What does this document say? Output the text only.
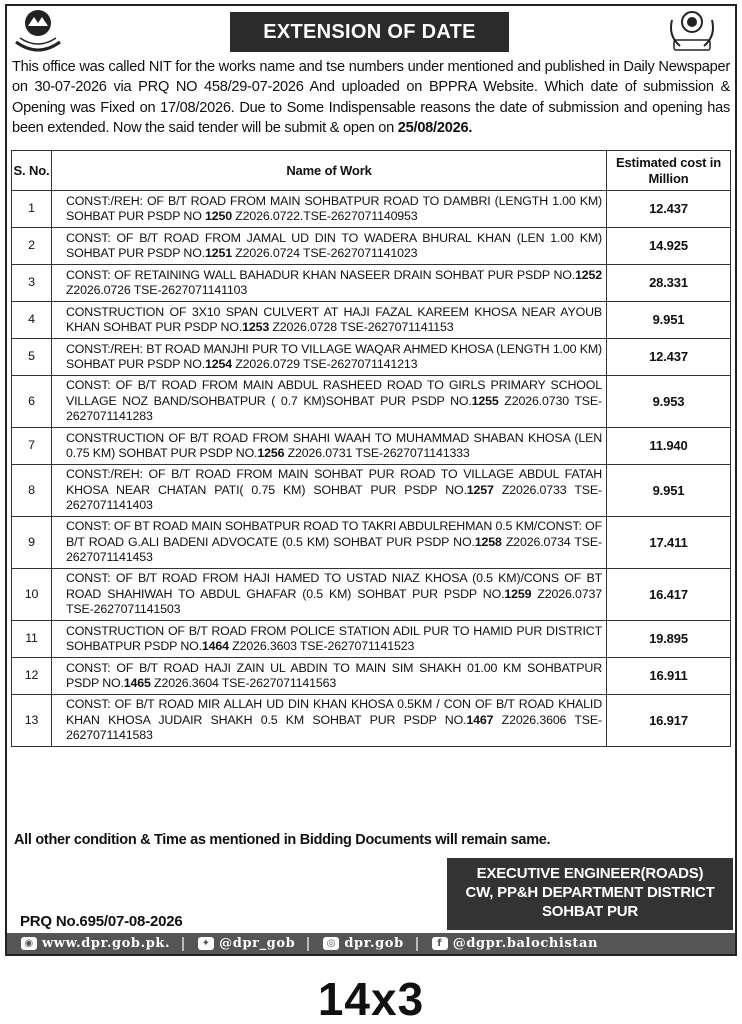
EXTENSION OF DATE

This office was called NIT for the works name and tse numbers under mentioned and published in Daily Newspaper on 30-07-2026 via PRQ NO 458/29-07-2026 And uploaded on BPPRA Website. Which date of submission & Opening was Fixed on 17/08/2026. Due to Some Indispensable reasons the date of submission and opening has been extended. Now the said tender will be submit & open on 25/08/2026.

S. No.	Name of Work	Estimated cost in Million
1	CONST:/REH: OF B/T ROAD FROM MAIN SOHBATPUR ROAD TO DAMBRI (LENGTH 1.00 KM) SOHBAT PUR PSDP NO 1250 Z2026.0722.TSE-2627071140953	12.437
2	CONST: OF B/T ROAD FROM JAMAL UD DIN TO WADERA BHURAL KHAN (LEN 1.00 KM) SOHBAT PUR PSDP NO.1251 Z2026.0724 TSE-2627071141023	14.925
3	CONST: OF RETAINING WALL BAHADUR KHAN NASEER DRAIN SOHBAT PUR PSDP NO.1252 Z2026.0726 TSE-2627071141103	28.331
4	CONSTRUCTION OF 3X10 SPAN CULVERT AT HAJI FAZAL KAREEM KHOSA NEAR AYOUB KHAN SOHBAT PUR PSDP NO.1253 Z2026.0728 TSE-2627071141153	9.951
5	CONST:/REH: BT ROAD MANJHI PUR TO VILLAGE WAQAR AHMED KHOSA (LENGTH 1.00 KM) SOHBAT PUR PSDP NO.1254 Z2026.0729 TSE-2627071141213	12.437
6	CONST: OF B/T ROAD FROM MAIN ABDUL RASHEED ROAD TO GIRLS PRIMARY SCHOOL VILLAGE NOZ BAND/SOHBATPUR ( 0.7 KM)SOHBAT PUR PSDP NO.1255 Z2026.0730 TSE-2627071141283	9.953
7	CONSTRUCTION OF B/T ROAD FROM SHAHI WAAH TO MUHAMMAD SHABAN KHOSA (LEN 0.75 KM) SOHBAT PUR PSDP NO.1256 Z2026.0731 TSE-2627071141333	11.940
8	CONST:/REH: OF B/T ROAD FROM MAIN SOHBAT PUR ROAD TO VILLAGE ABDUL FATAH KHOSA NEAR CHATAN PATI( 0.75 KM) SOHBAT PUR PSDP NO.1257 Z2026.0733 TSE-2627071141403	9.951
9	CONST: OF BT ROAD MAIN SOHBATPUR ROAD TO TAKRI ABDULREHMAN 0.5 KM/CONST: OF B/T ROAD G.ALI BADENI ADVOCATE (0.5 KM) SOHBAT PUR PSDP NO.1258 Z2026.0734 TSE-2627071141453	17.411
10	CONST: OF B/T ROAD FROM HAJI HAMED TO USTAD NIAZ KHOSA (0.5 KM)/CONS OF BT ROAD SHAHIWAH TO ABDUL GHAFAR (0.5 KM) SOHBAT PUR PSDP NO.1259 Z2026.0737 TSE-2627071141503	16.417
11	CONSTRUCTION OF B/T ROAD FROM POLICE STATION ADIL PUR TO HAMID PUR DISTRICT SOHBATPUR PSDP NO.1464 Z2026.3603 TSE-2627071141523	19.895
12	CONST: OF B/T ROAD HAJI ZAIN UL ABDIN TO MAIN SIM SHAKH 01.00 KM SOHBATPUR PSDP NO.1465 Z2026.3604 TSE-2627071141563	16.911
13	CONST: OF B/T ROAD MIR ALLAH UD DIN KHAN KHOSA 0.5KM / CON OF B/T ROAD KHALID KHAN KHOSA JUDAIR SHAKH 0.5 KM SOHBAT PUR PSDP NO.1467 Z2026.3606 TSE-2627071141583	16.917
All other condition & Time as mentioned in Bidding Documents will remain same.
EXECUTIVE ENGINEER(ROADS)
CW, PP&H DEPARTMENT DISTRICT
SOHBAT PUR
PRQ No.695/07-08-2026
◉ www.dpr.gob.pk.	✦ @dpr_gob	◎ dpr.gob	f @dgpr.balochistan
14x3
